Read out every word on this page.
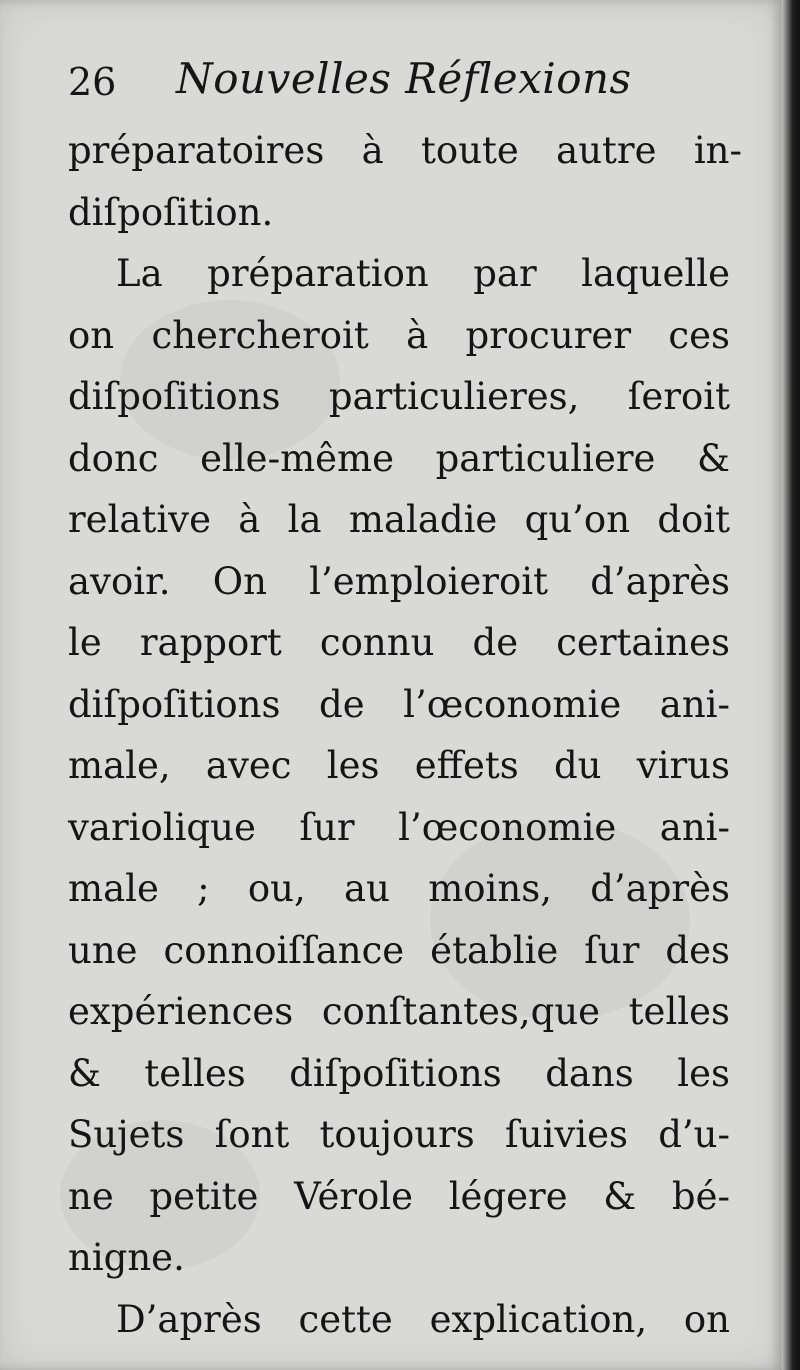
26 Nouvelles Réflexions
préparatoires à toute autre in-
diſpoſition.
La préparation par laquelle
on chercheroit à procurer ces
diſpoſitions particulieres, ſeroit
donc elle-même particuliere &
relative à la maladie qu’on doit
avoir. On l’emploieroit d’après
le rapport connu de certaines
diſpoſitions de l’œconomie ani-
male, avec les effets du virus
variolique ſur l’œconomie ani-
male ; ou, au moins, d’après
une connoiſſance établie ſur des
expériences conſtantes,que telles
& telles diſpoſitions dans les
Sujets ſont toujours ſuivies d’u-
ne petite Vérole légere & bé-
nigne.
D’après cette explication, on
